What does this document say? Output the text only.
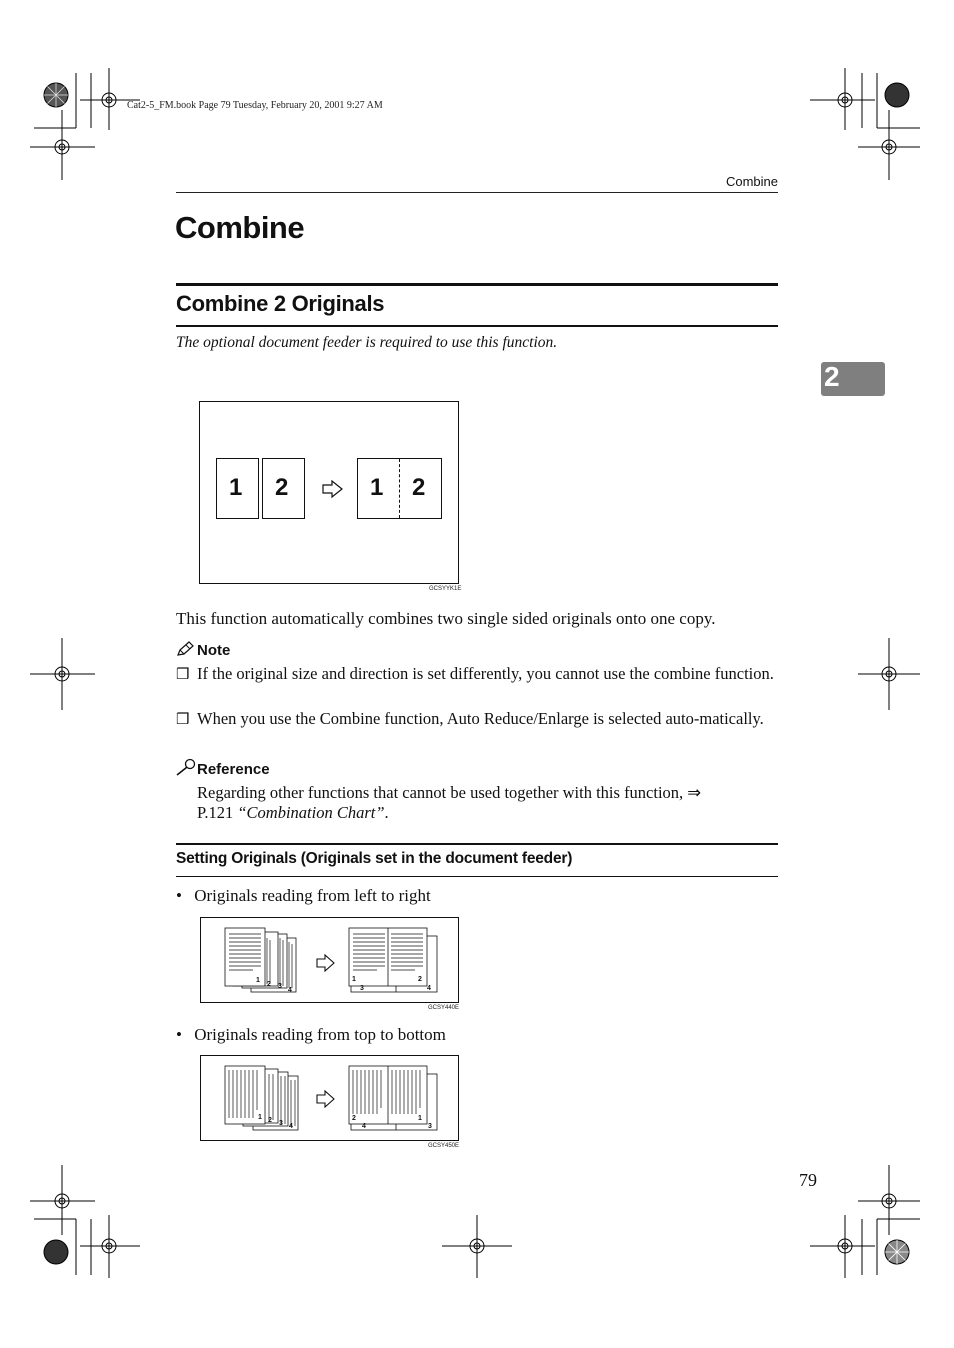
Cat2-5_FM.book Page 79 Tuesday, February 20, 2001 9:27 AM
Combine
Combine
Combine 2 Originals
The optional document feeder is required to use this function.
2
1 2	1 2
GCSYYK1E
This function automatically combines two single sided originals onto one copy.
Note
❒ If the original size and direction is set differently, you cannot use the combine function.
❒ When you use the Combine function, Auto Reduce/Enlarge is selected auto-matically.
Reference
Regarding other functions that cannot be used together with this function, ⇒
P.121 “Combination Chart”.
Setting Originals (Originals set in the document feeder)
• Originals reading from left to right
1
2 3
4
1	2
3	4
GCSY440E
• Originals reading from top to bottom
1 2 3 4
2	1
4	3
GCSY450E
79
